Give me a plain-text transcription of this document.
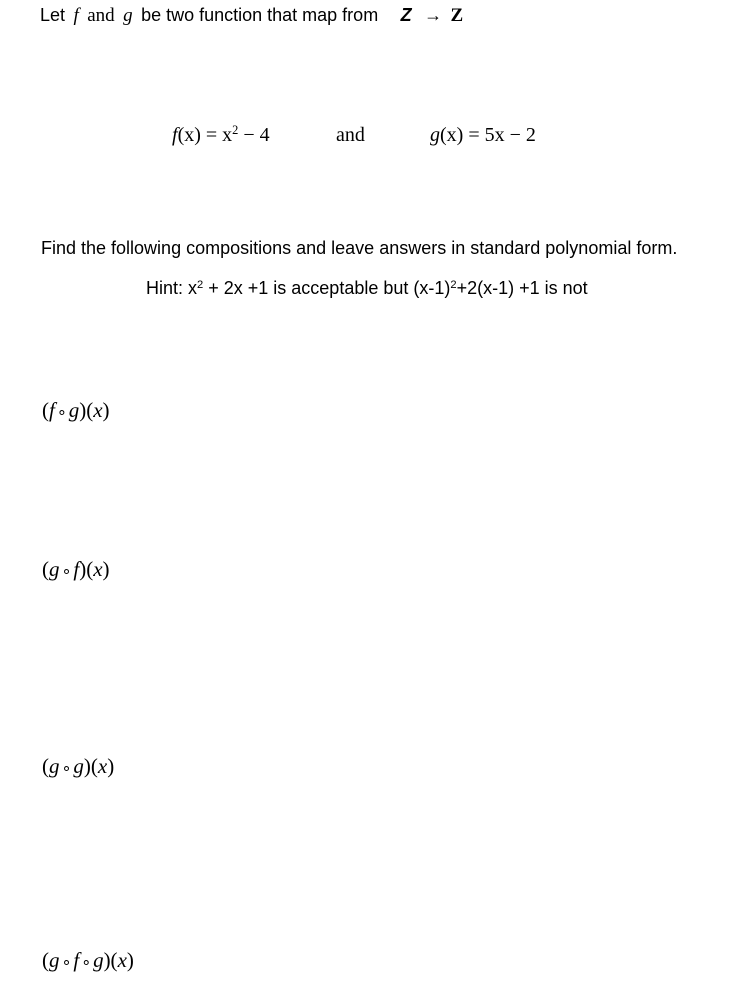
Let f and g be two function that map from Z → Z
$f(x) = x^2 - 4$	and	g(x) = 5x − 2
Find the following compositions and leave answers in standard polynomial form.
Hint: $x^2 + 2x +1$ is acceptable but $(x-1)^2+2(x-1) +1$ is not
(f ∘g)(x)
(g ∘f)(x)
(g ∘g)(x)
(g ∘f ∘g)(x)
